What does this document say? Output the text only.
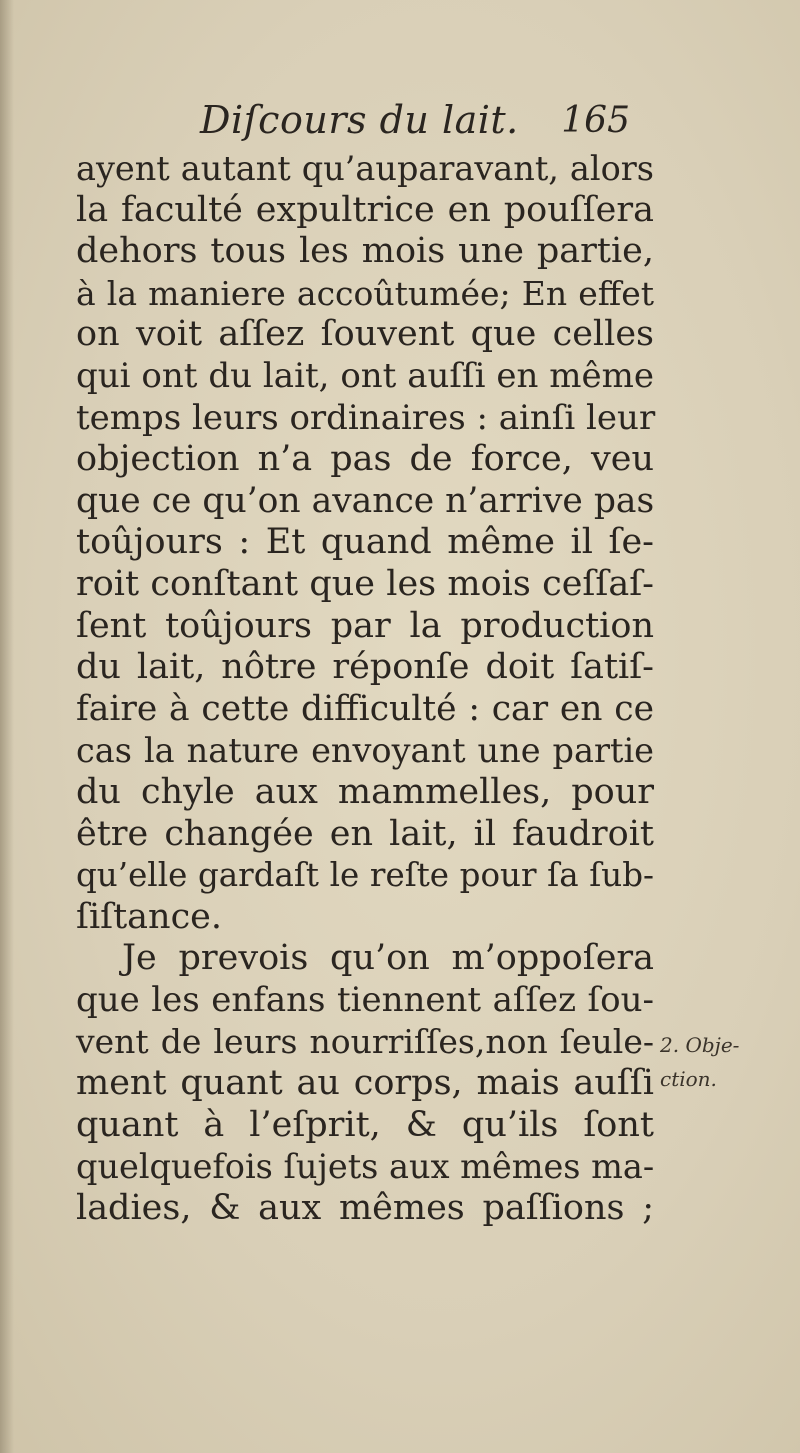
Diſcours du lait. 165
ayent autant qu’auparavant, alors
la faculté expultrice en pouſſera
dehors tous les mois une partie,
à la maniere accoûtumée; En effet
on voit aſſez ſouvent que celles
qui ont du lait, ont auſſi en même
temps leurs ordinaires : ainſi leur
objection n’a pas de force, veu
que ce qu’on avance n’arrive pas
toûjours : Et quand même il ſe-
roit conſtant que les mois ceſſaſ-
ſent toûjours par la production
du lait, nôtre réponſe doit ſatiſ-
faire à cette difficulté : car en ce
cas la nature envoyant une partie
du chyle aux mammelles, pour
être changée en lait, il faudroit
qu’elle gardaſt le reſte pour ſa ſub-
ſiſtance.
Je prevois qu’on m’oppoſera
que les enfans tiennent aſſez ſou-
vent de leurs nourriſſes,non ſeule-
ment quant au corps, mais auſſi
quant à l’eſprit, & qu’ils ſont
quelquefois ſujets aux mêmes ma-
ladies, & aux mêmes paſſions ;
2. Obje-
ction.
